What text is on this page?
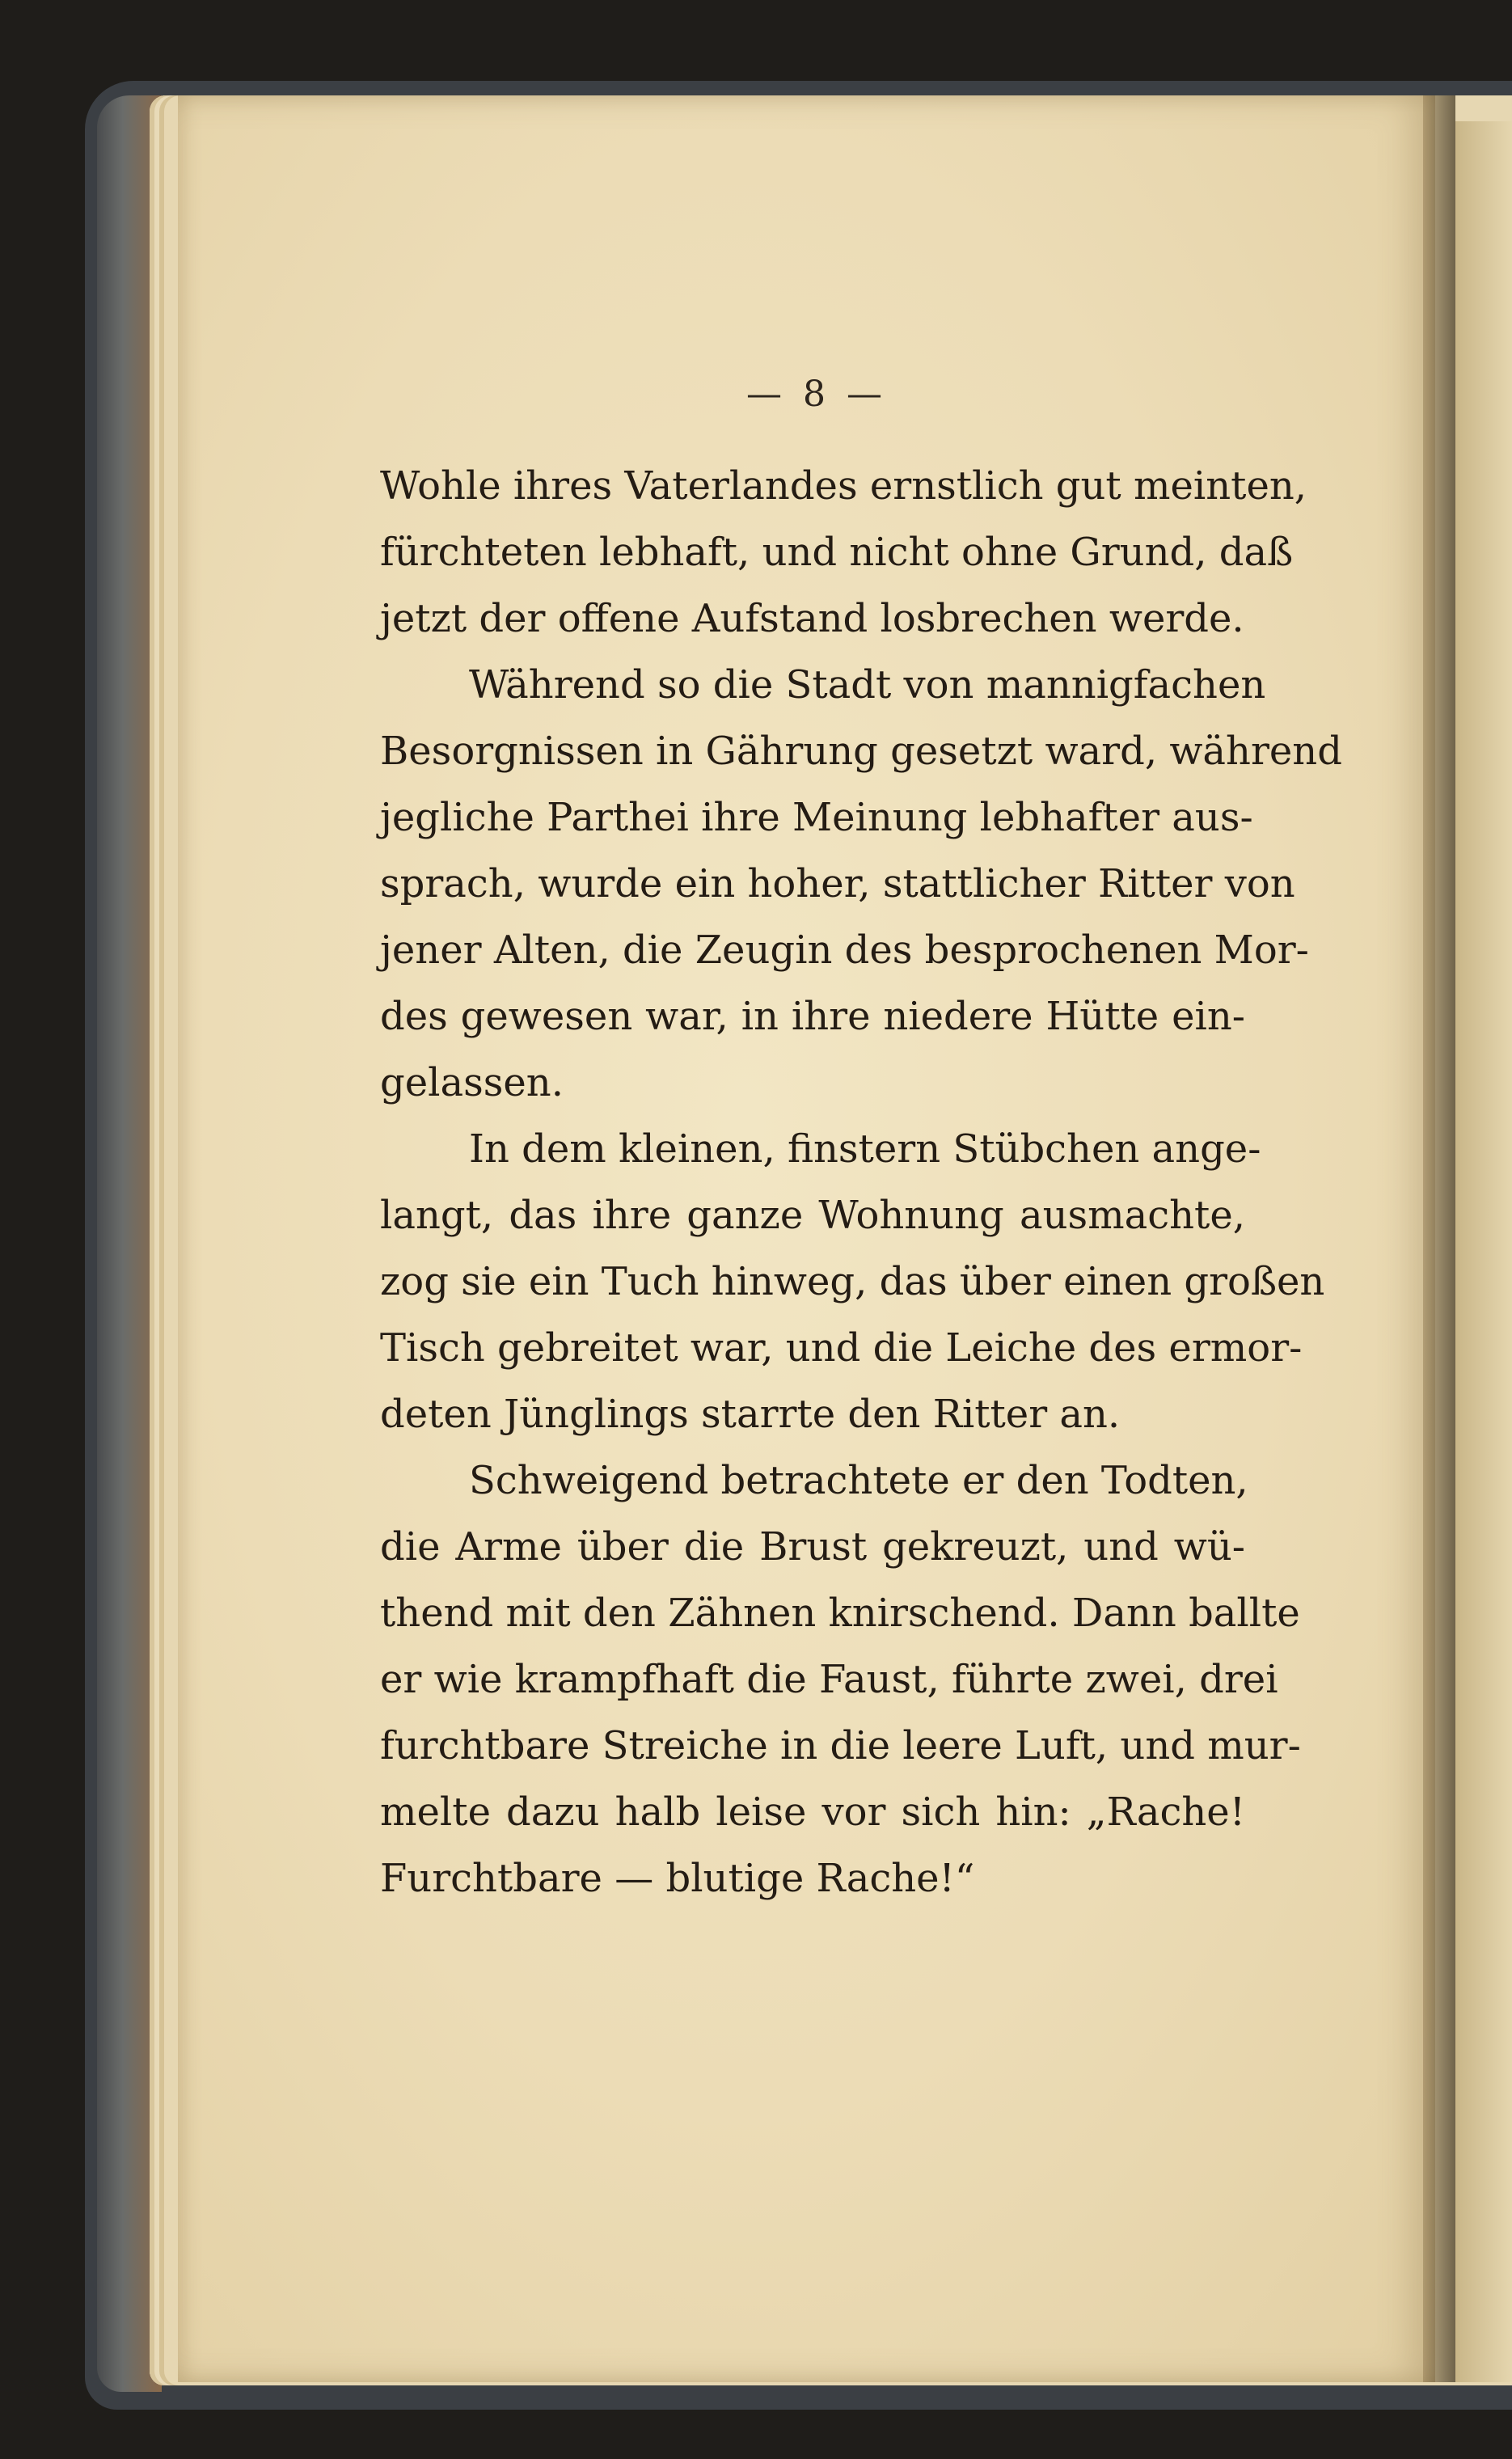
— 8 —
Wohle ihres Vaterlandes ernstlich gut meinten,
fürchteten lebhaft, und nicht ohne Grund, daß
jetzt der offene Aufstand losbrechen werde.
Während so die Stadt von mannigfachen
Besorgnissen in Gährung gesetzt ward, während
jegliche Parthei ihre Meinung lebhafter aus-
sprach, wurde ein hoher, stattlicher Ritter von
jener Alten, die Zeugin des besprochenen Mor-
des gewesen war, in ihre niedere Hütte ein-
gelassen.
In dem kleinen, finstern Stübchen ange-
langt, das ihre ganze Wohnung ausmachte,
zog sie ein Tuch hinweg, das über einen großen
Tisch gebreitet war, und die Leiche des ermor-
deten Jünglings starrte den Ritter an.
Schweigend betrachtete er den Todten,
die Arme über die Brust gekreuzt, und wü-
thend mit den Zähnen knirschend. Dann ballte
er wie krampfhaft die Faust, führte zwei, drei
furchtbare Streiche in die leere Luft, und mur-
melte dazu halb leise vor sich hin: „Rache!
Furchtbare — blutige Rache!“
